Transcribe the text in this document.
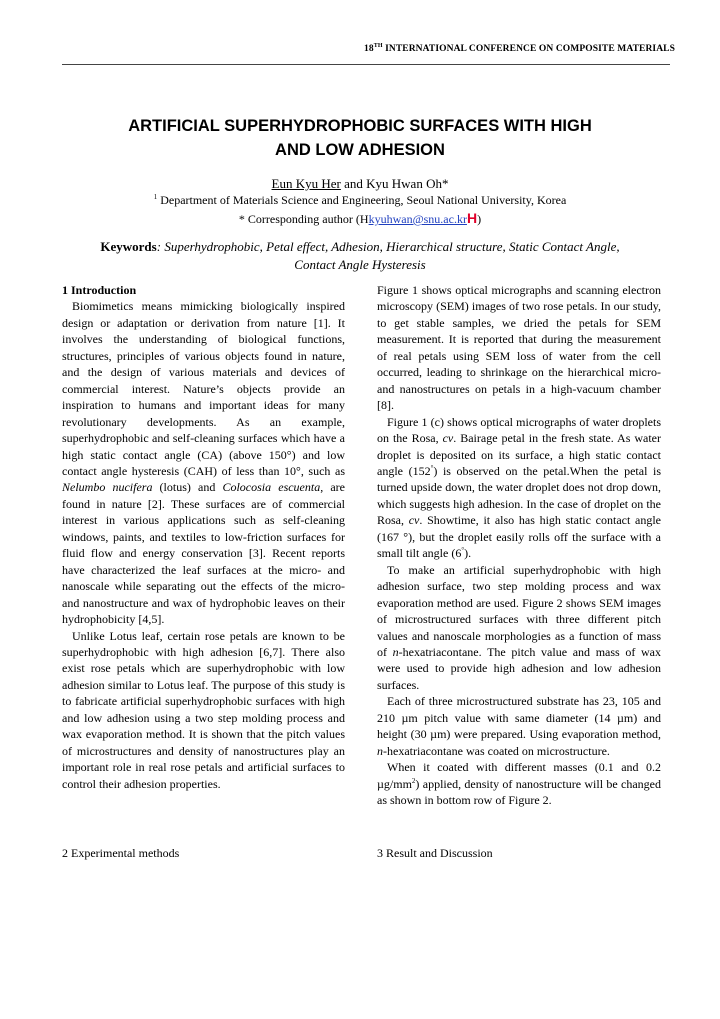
18TH INTERNATIONAL CONFERENCE ON COMPOSITE MATERIALS
ARTIFICIAL SUPERHYDROPHOBIC SURFACES WITH HIGH
AND LOW ADHESION
Eun Kyu Her and Kyu Hwan Oh*
$^1$ Department of Materials Science and Engineering, Seoul National University, Korea
* Corresponding author (Hkyuhwan@snu.ac.krH)
Keywords: Superhydrophobic, Petal effect, Adhesion, Hierarchical structure, Static Contact Angle, Contact Angle Hysteresis
1 Introduction

Biomimetics means mimicking biologically inspired design or adaptation or derivation from nature [1]. It involves the understanding of biological functions, structures, principles of various objects found in nature, and the design of various materials and devices of commercial interest. Nature’s objects provide an inspiration to humans and important ideas for many revolutionary developments. As an example, superhydrophobic and self-cleaning surfaces which have a high static contact angle (CA) (above 150°) and low contact angle hysteresis (CAH) of less than 10°, such as Nelumbo nucifera (lotus) and Colocosia escuenta, are found in nature [2]. These surfaces are of commercial interest in various applications such as self-cleaning windows, paints, and textiles to low-friction surfaces for fluid flow and energy conservation [3]. Recent reports have characterized the leaf surfaces at the micro- and nanoscale while separating out the effects of the micro- and nanostructure and wax of hydrophobic leaves on their hydrophobicity [4,5].

Unlike Lotus leaf, certain rose petals are known to be superhydrophobic with high adhesion [6,7]. There also exist rose petals which are superhydrophobic with low adhesion similar to Lotus leaf. The purpose of this study is to fabricate artificial superhydrophobic surfaces with high and low adhesion using a two step molding process and wax evaporation method. It is shown that the pitch values of microstructures and density of nanostructures play an important role in real rose petals and artificial surfaces to control their adhesion properties.

Figure 1 shows optical micrographs and scanning electron microscopy (SEM) images of two rose petals. In our study, to get stable samples, we dried the petals for SEM measurement. It is reported that during the measurement of real petals using SEM loss of water from the cell occurred, leading to shrinkage on the hierarchical micro- and nanostructures on petals in a high-vacuum chamber [8].

Figure 1 (c) shows optical micrographs of water droplets on the Rosa, cv. Bairage petal in the fresh state. As water droplet is deposited on its surface, a high static contact angle (152°) is observed on the petal.When the petal is turned upside down, the water droplet does not drop down, which suggests high adhesion. In the case of droplet on the Rosa, cv. Showtime, it also has high static contact angle (167 °), but the droplet easily rolls off the surface with a small tilt angle (6°).

To make an artificial superhydrophobic with high adhesion surface, two step molding process and wax evaporation method are used. Figure 2 shows SEM images of microstructured surfaces with three different pitch values and nanoscale morphologies as a function of mass of n-hexatriacontane. The pitch value and mass of wax were used to provide high adhesion and low adhesion surfaces.

Each of three microstructured substrate has 23, 105 and 210 µm pitch value with same diameter (14 µm) and height (30 µm) were prepared. Using evaporation method, n-hexatriacontane was coated on microstructure.

When it coated with different masses (0.1 and 0.2 $\mu g/mm^2$) applied, density of nanostructure will be changed as shown in bottom row of Figure 2.

2 Experimental methods	3 Result and Discussion
